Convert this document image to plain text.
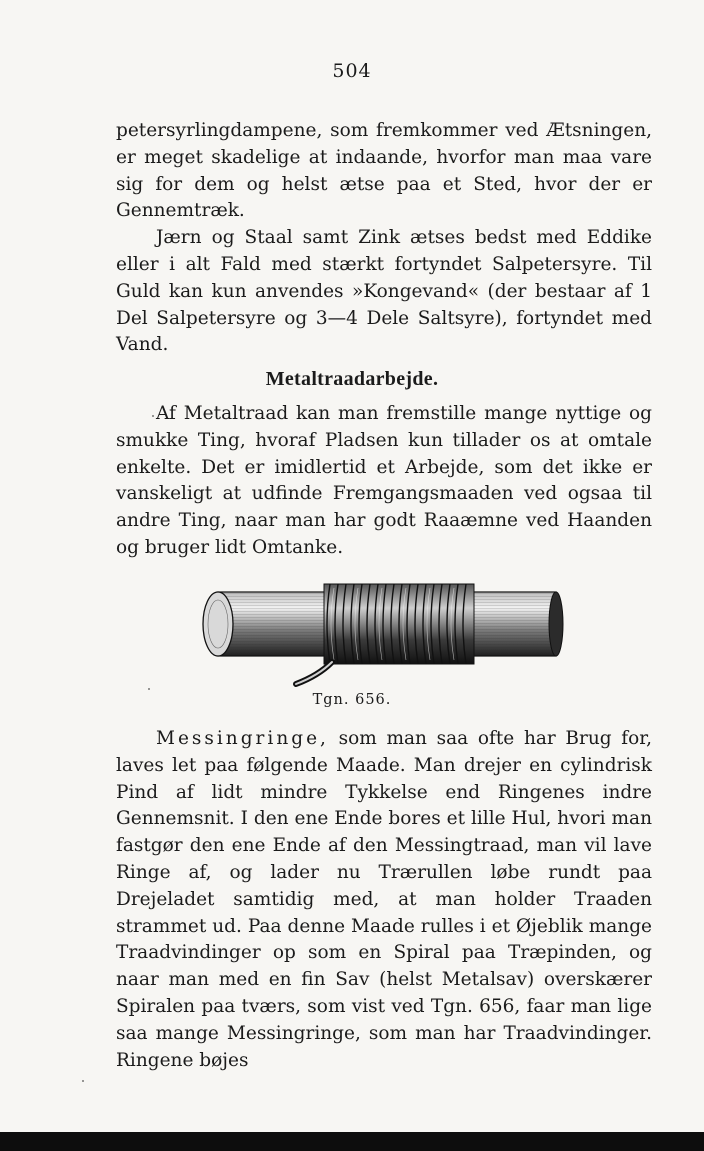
504

petersyrlingdampene, som fremkommer ved Ætsningen, er meget skadelige at indaande, hvorfor man maa vare sig for dem og helst ætse paa et Sted, hvor der er Gennemtræk.

Jærn og Staal samt Zink ætses bedst med Eddike eller i alt Fald med stærkt fortyndet Salpetersyre. Til Guld kan kun anvendes »Kongevand« (der bestaar af 1 Del Salpetersyre og 3—4 Dele Saltsyre), fortyndet med Vand.

Metaltraadarbejde.

Af Metaltraad kan man fremstille mange nyttige og smukke Ting, hvoraf Pladsen kun tillader os at omtale enkelte. Det er imidlertid et Arbejde, som det ikke er vanskeligt at udfinde Fremgangsmaaden ved ogsaa til andre Ting, naar man har godt Raaæmne ved Haanden og bruger lidt Omtanke.

Tgn. 656.

Messingringe, som man saa ofte har Brug for, laves let paa følgende Maade. Man drejer en cylindrisk Pind af lidt mindre Tykkelse end Ringenes indre Gennemsnit. I den ene Ende bores et lille Hul, hvori man fastgør den ene Ende af den Messingtraad, man vil lave Ringe af, og lader nu Trærullen løbe rundt paa Drejeladet samtidig med, at man holder Traaden strammet ud. Paa denne Maade rulles i et Øjeblik mange Traadvindinger op som en Spiral paa Træpinden, og naar man med en fin Sav (helst Metalsav) overskærer Spiralen paa tværs, som vist ved Tgn. 656, faar man lige saa mange Messingringe, som man har Traadvindinger. Ringene bøjes
